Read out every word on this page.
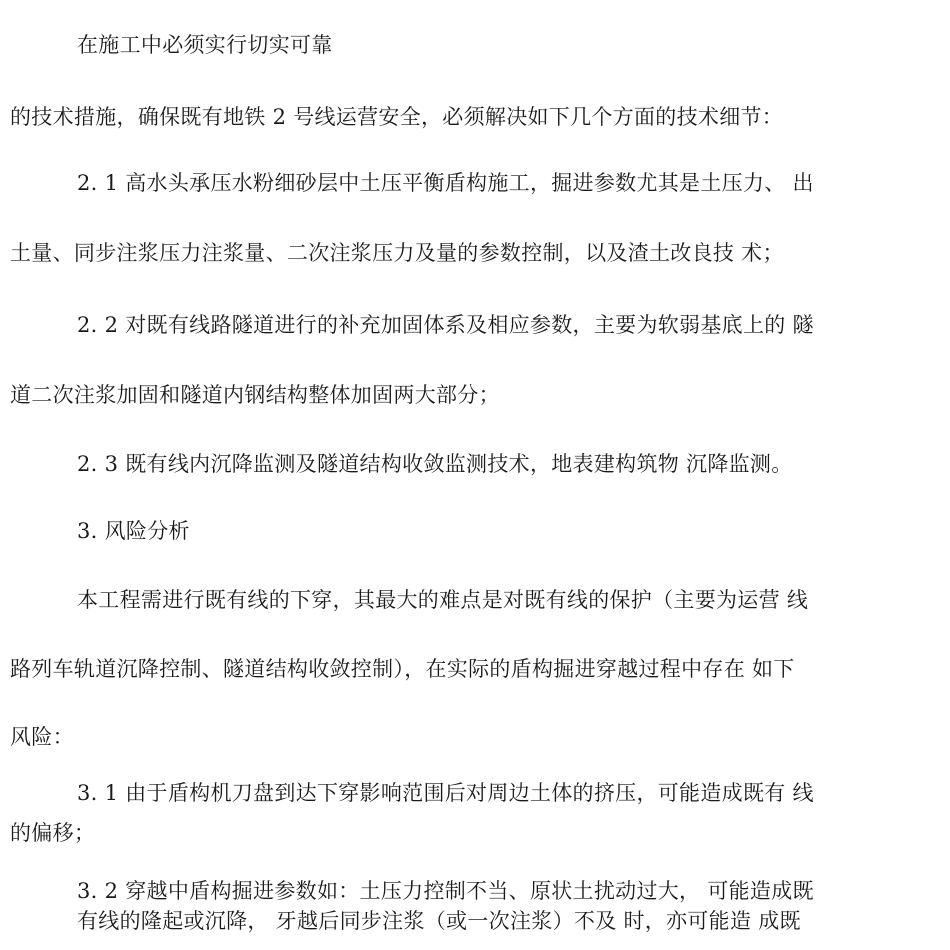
在施工中必须实行切实可靠
的技术措施，确保既有地铁 2 号线运营安全，必须解决如下几个方面的技术细节：
2. 1 高水头承压水粉细砂层中土压平衡盾构施工，掘进参数尤其是土压力、 出
土量、同步注浆压力注浆量、二次注浆压力及量的参数控制，以及渣土改良技 术；
2. 2 对既有线路隧道进行的补充加固体系及相应参数，主要为软弱基底上的 隧
道二次注浆加固和隧道内钢结构整体加固两大部分；
2. 3 既有线内沉降监测及隧道结构收敛监测技术，地表建构筑物 沉降监测。
3. 风险分析
本工程需进行既有线的下穿，其最大的难点是对既有线的保护（主要为运营 线
路列车轨道沉降控制、隧道结构收敛控制），在实际的盾构掘进穿越过程中存在 如下
风险：
3. 1 由于盾构机刀盘到达下穿影响范围后对周边土体的挤压，可能造成既有 线
的偏移；
3. 2 穿越中盾构掘进参数如：土压力控制不当、原状土扰动过大， 可能造成既
有线的隆起或沉降， 牙越后同步注浆（或一次注浆）不及 时，亦可能造 成既
